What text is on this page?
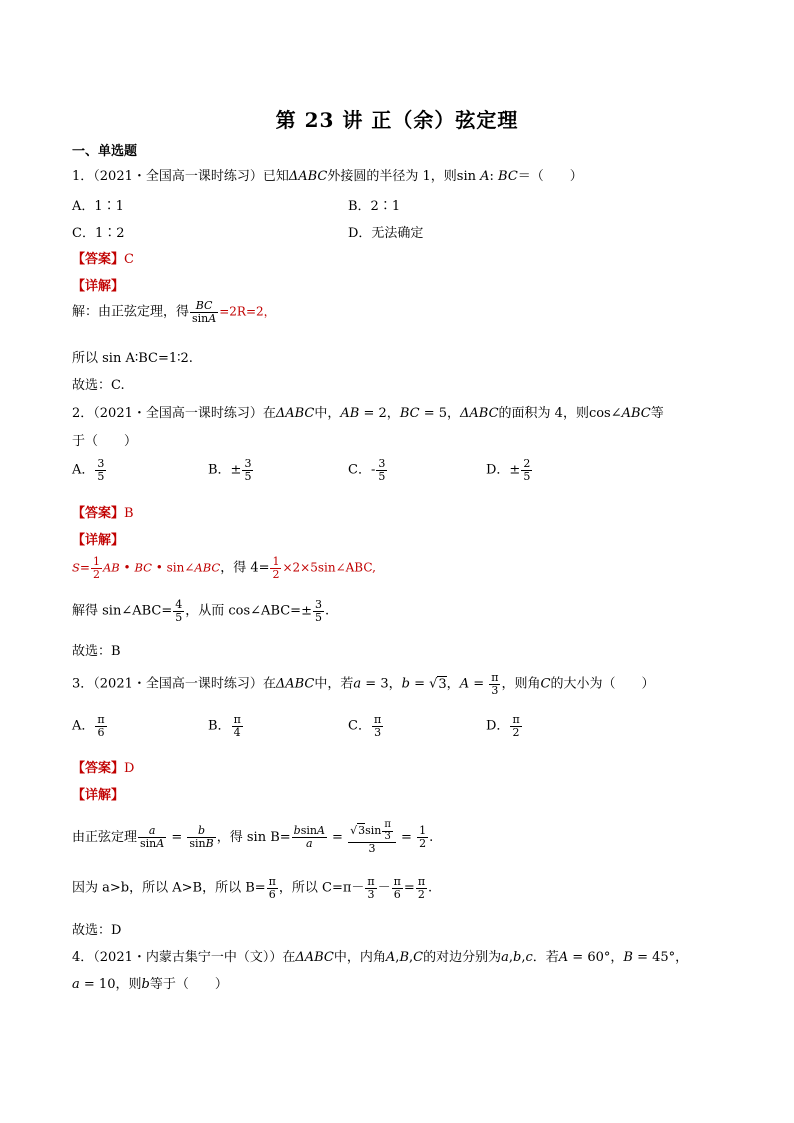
第 23 讲 正（余）弦定理
一、单选题
1．（2021・全国高一课时练习）已知ΔABC外接圆的半径为 1，则sin A: BC＝（　　）
A．1∶1	B．2∶1
C．1∶2	D．无法确定
【答案】C
【详解】
解：由正弦定理，得 $\frac{BC}{\sin A} =2R=2$，
所以 sin A∶BC=1∶2.
故选：C.
2．（2021・全国高一课时练习）在ΔABC中，AB = 2，BC = 5，ΔABC的面积为 4，则cos∠ABC等
于（　　）
A． $\frac{3}{5}$	B．± $\frac{3}{5}$	C．- $\frac{3}{5}$	D．± $\frac{2}{5}$
【答案】B
【详解】
$S= \frac{1}{2}$ AB • BC • sin∠ABC，得 $4= \frac{1}{2}$ ×2×5sin∠ABC,
解得 sin∠ABC= $\frac{4}{5}$ ，从而 cos∠ABC=± $\frac{3}{5}$ .
故选：B
3．（2021・全国高一课时练习）在ΔABC中，若a = 3，b = √3，$A = \frac{\pi}{3}$ ，则角C的大小为（　　）
A． $\frac{\pi}{6}$	B． $\frac{\pi}{4}$	C． $\frac{\pi}{3}$	D． $\frac{\pi}{2}$
【答案】D
【详解】
由正弦定理 $\frac{a}{\sin A} = \frac{b}{\sin B}$ ，得 $\sin B= \frac{bsinA}{a} = \frac{√3\sin \frac{\pi}{3}}{3} = \frac{1}{2}$ .
因为 a>b，所以 A>B，所以 $B= \frac{\pi}{6}$ ，所以 $C=\pi- \frac{\pi}{3} - \frac{\pi}{6} = \frac{\pi}{2}$ .
故选：D
4．（2021・内蒙古集宁一中（文））在ΔABC中，内角A,B,C的对边分别为a,b,c．若A = 60°，B = 45°，
a = 10，则b等于（　　）
